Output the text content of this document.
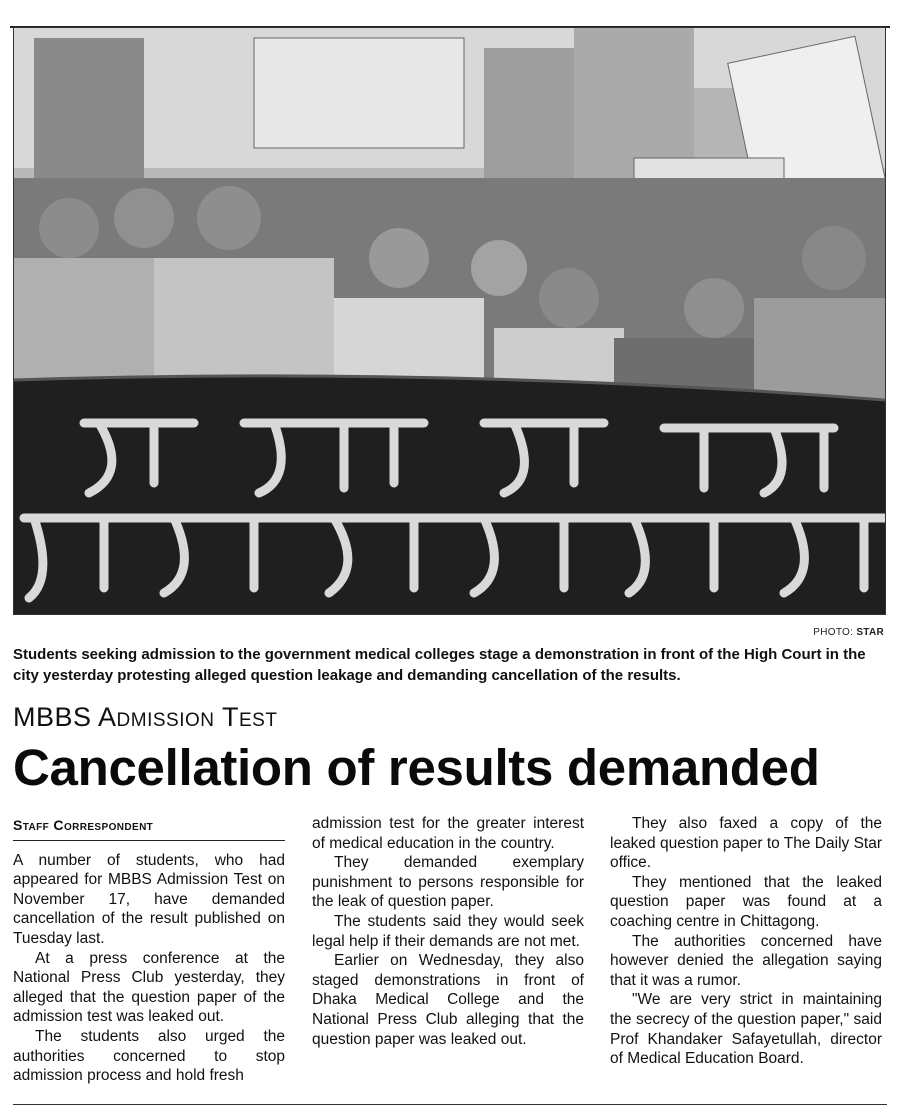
PHOTO: STAR
Students seeking admission to the government medical colleges stage a demonstration in front of the High Court in the city yesterday protesting alleged question leakage and demanding cancellation of the results.
MBBS Admission Test
Cancellation of results demanded
Staff Correspondent

A number of students, who had appeared for MBBS Admission Test on November 17, have demanded cancellation of the result published on Tuesday last.

At a press conference at the National Press Club yesterday, they alleged that the question paper of the admission test was leaked out.

The students also urged the authorities concerned to stop admission process and hold fresh

admission test for the greater interest of medical education in the country.

They demanded exemplary punishment to persons responsible for the leak of question paper.

The students said they would seek legal help if their demands are not met.

Earlier on Wednesday, they also staged demonstrations in front of Dhaka Medical College and the National Press Club alleging that the question paper was leaked out.

They also faxed a copy of the leaked question paper to The Daily Star office.

They mentioned that the leaked question paper was found at a coaching centre in Chittagong.

The authorities concerned have however denied the allegation saying that it was a rumor.

"We are very strict in maintaining the secrecy of the question paper," said Prof Khandaker Safayetullah, director of Medical Education Board.
